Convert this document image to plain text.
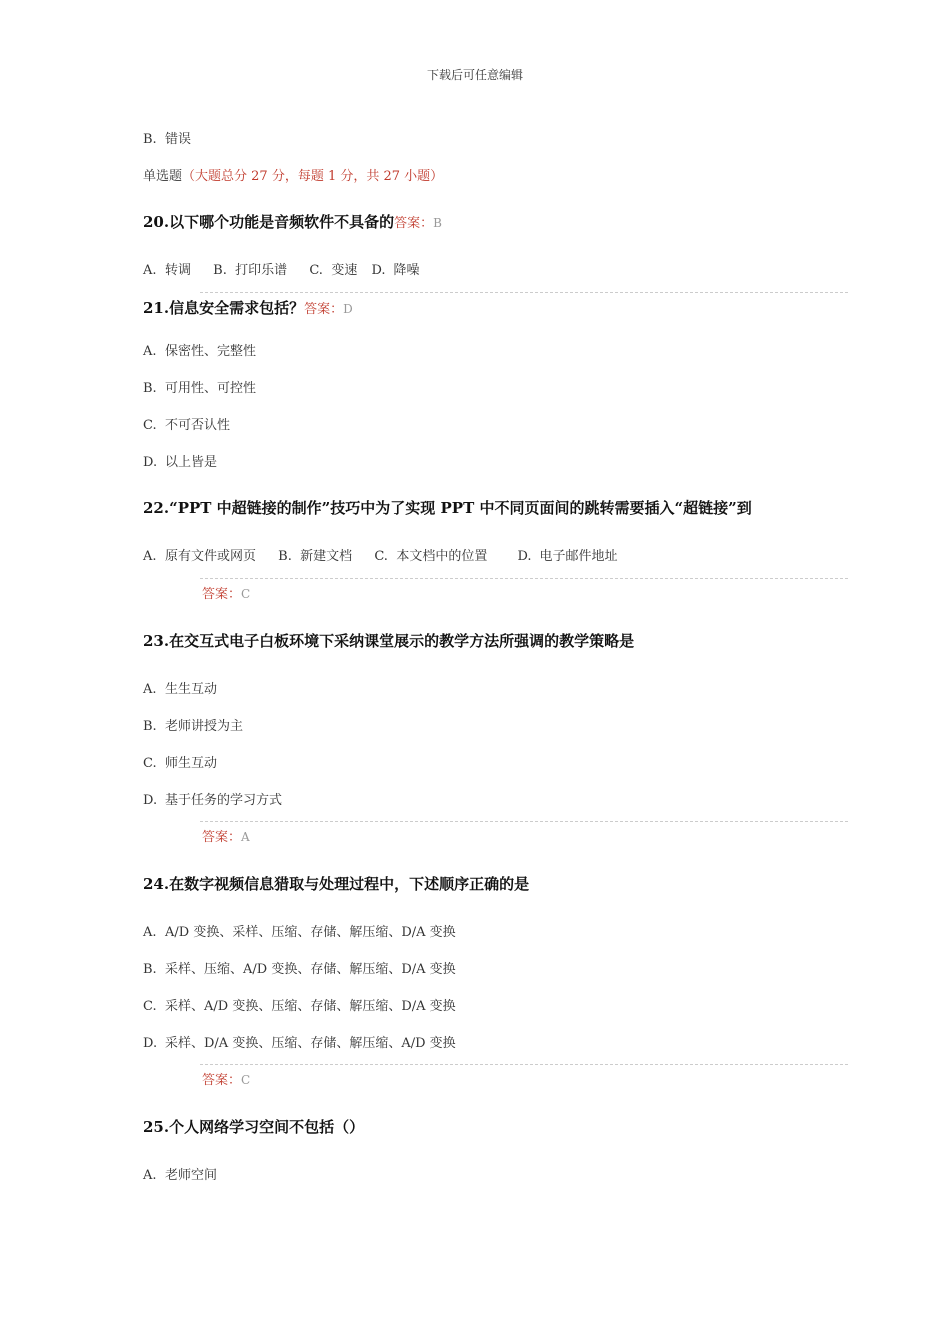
下载后可任意编辑
B. 错误
单选题（大题总分 27 分，每题 1 分，共 27 小题）
20.以下哪个功能是音频软件不具备的答案：B
A. 转调 B. 打印乐谱 C. 变速 D. 降噪
21.信息安全需求包括？答案：D
A. 保密性、完整性
B. 可用性、可控性
C. 不可否认性
D. 以上皆是
22.“PPT 中超链接的制作”技巧中为了实现 PPT 中不同页面间的跳转需要插入“超链接”到
A. 原有文件或网页 B. 新建文档 C. 本文档中的位置 D. 电子邮件地址
答案：C
23.在交互式电子白板环境下采纳课堂展示的教学方法所强调的教学策略是
A. 生生互动
B. 老师讲授为主
C. 师生互动
D. 基于任务的学习方式
答案：A
24.在数字视频信息猎取与处理过程中，下述顺序正确的是
A. A/D 变换、采样、压缩、存储、解压缩、D/A 变换
B. 采样、压缩、A/D 变换、存储、解压缩、D/A 变换
C. 采样、A/D 变换、压缩、存储、解压缩、D/A 变换
D. 采样、D/A 变换、压缩、存储、解压缩、A/D 变换
答案：C
25.个人网络学习空间不包括（）
A. 老师空间
